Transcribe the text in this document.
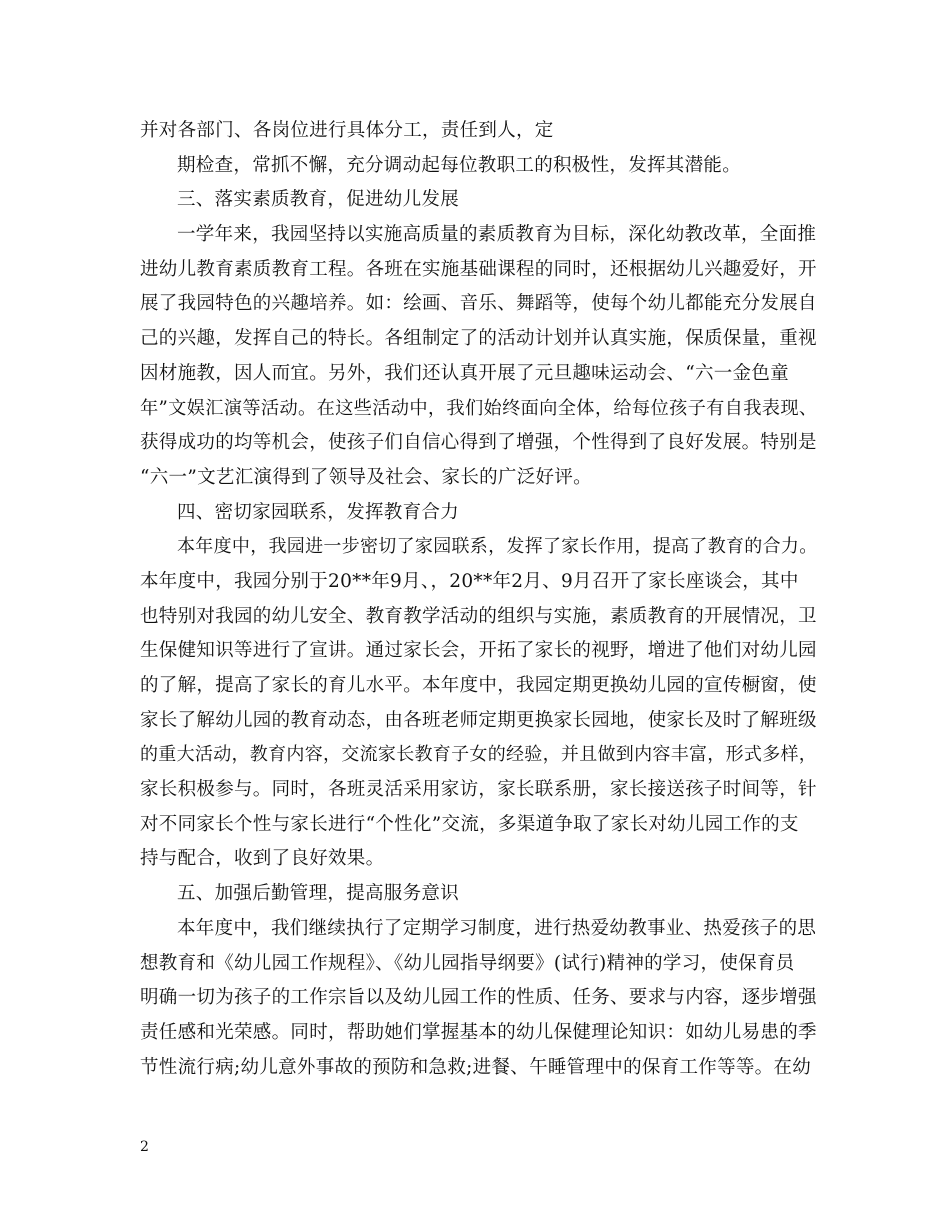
并对各部门、各岗位进行具体分工，责任到人，定
期检查，常抓不懈，充分调动起每位教职工的积极性，发挥其潜能。
三、落实素质教育，促进幼儿发展
一学年来，我园坚持以实施高质量的素质教育为目标，深化幼教改革，全面推
进幼儿教育素质教育工程。各班在实施基础课程的同时，还根据幼儿兴趣爱好，开
展了我园特色的兴趣培养。如：绘画、音乐、舞蹈等，使每个幼儿都能充分发展自
己的兴趣，发挥自己的特长。各组制定了的活动计划并认真实施，保质保量，重视
因材施教，因人而宜。另外，我们还认真开展了元旦趣味运动会、“六一金色童
年”文娱汇演等活动。在这些活动中，我们始终面向全体，给每位孩子有自我表现、
获得成功的均等机会，使孩子们自信心得到了增强，个性得到了良好发展。特别是
“六一”文艺汇演得到了领导及社会、家长的广泛好评。
四、密切家园联系，发挥教育合力
本年度中，我园进一步密切了家园联系，发挥了家长作用，提高了教育的合力。
本年度中，我园分别于20**年9月、，20**年2月、9月召开了家长座谈会，其中
也特别对我园的幼儿安全、教育教学活动的组织与实施，素质教育的开展情况，卫
生保健知识等进行了宣讲。通过家长会，开拓了家长的视野，增进了他们对幼儿园
的了解，提高了家长的育儿水平。本年度中，我园定期更换幼儿园的宣传橱窗，使
家长了解幼儿园的教育动态，由各班老师定期更换家长园地，使家长及时了解班级
的重大活动，教育内容，交流家长教育子女的经验，并且做到内容丰富，形式多样，
家长积极参与。同时，各班灵活采用家访，家长联系册，家长接送孩子时间等，针
对不同家长个性与家长进行“个性化”交流，多渠道争取了家长对幼儿园工作的支
持与配合，收到了良好效果。
五、加强后勤管理，提高服务意识
本年度中，我们继续执行了定期学习制度，进行热爱幼教事业、热爱孩子的思
想教育和《幼儿园工作规程》、《幼儿园指导纲要》(试行)精神的学习，使保育员
明确一切为孩子的工作宗旨以及幼儿园工作的性质、任务、要求与内容，逐步增强
责任感和光荣感。同时，帮助她们掌握基本的幼儿保健理论知识：如幼儿易患的季
节性流行病;幼儿意外事故的预防和急救;进餐、午睡管理中的保育工作等等。在幼
2
